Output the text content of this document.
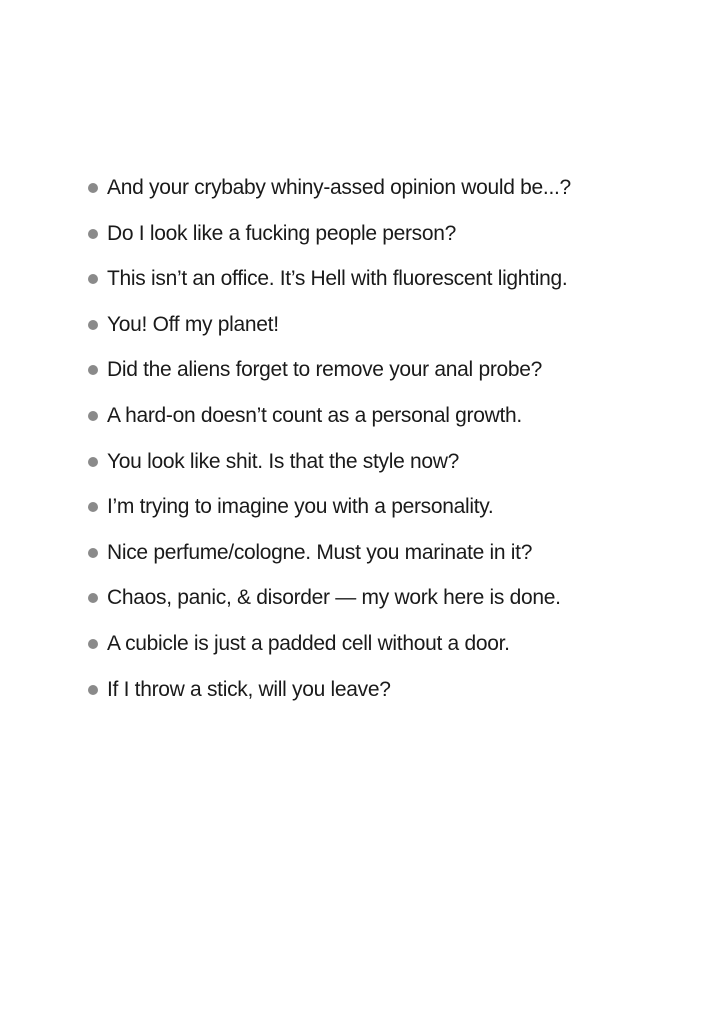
And your crybaby whiny-assed opinion would be...?
Do I look like a fucking people person?
This isn’t an office. It’s Hell with fluorescent lighting.
You! Off my planet!
Did the aliens forget to remove your anal probe?
A hard-on doesn’t count as a personal growth.
You look like shit. Is that the style now?
I’m trying to imagine you with a personality.
Nice perfume/cologne. Must you marinate in it?
Chaos, panic, & disorder — my work here is done.
A cubicle is just a padded cell without a door.
If I throw a stick, will you leave?
